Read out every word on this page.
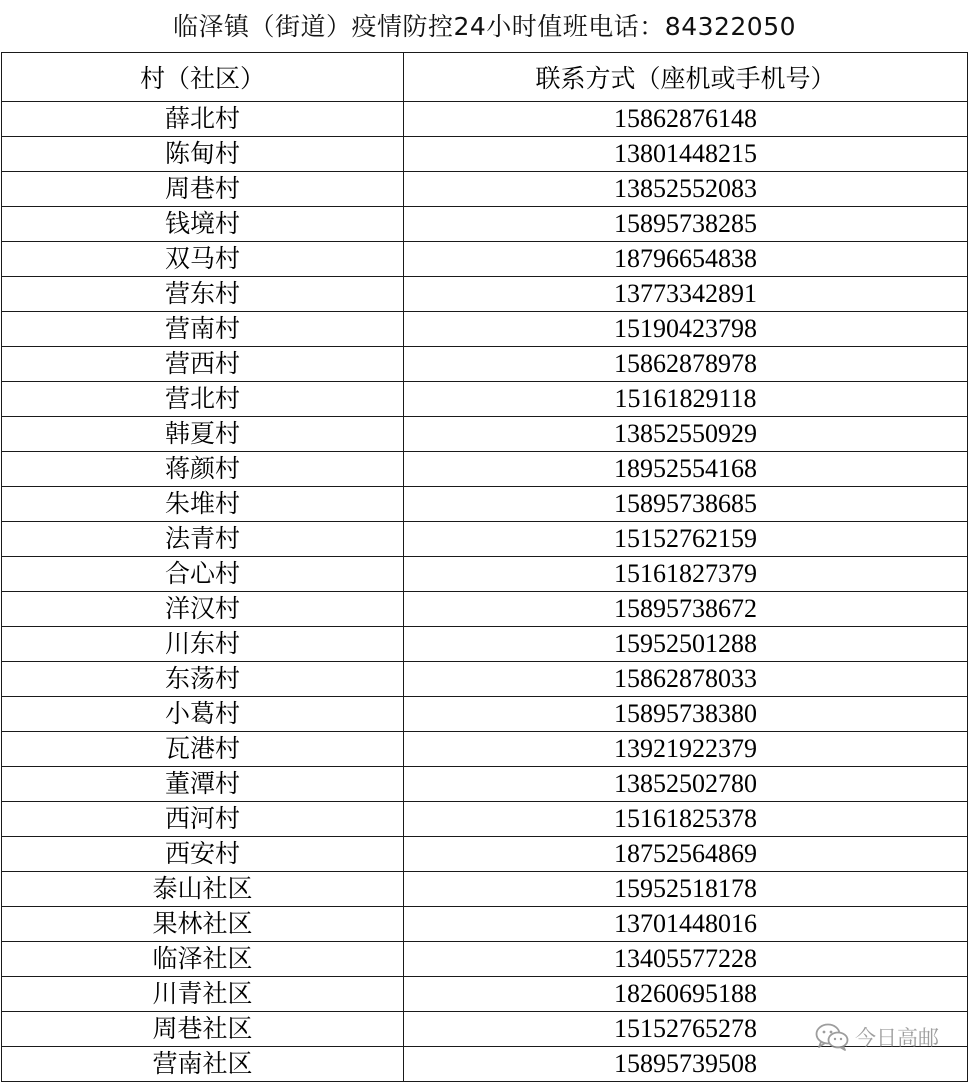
临泽镇（街道）疫情防控24小时值班电话：84322050
村（社区）	联系方式（座机或手机号）
薛北村	15862876148
陈甸村	13801448215
周巷村	13852552083
钱境村	15895738285
双马村	18796654838
营东村	13773342891
营南村	15190423798
营西村	15862878978
营北村	15161829118
韩夏村	13852550929
蒋颜村	18952554168
朱堆村	15895738685
法青村	15152762159
合心村	15161827379
洋汉村	15895738672
川东村	15952501288
东荡村	15862878033
小葛村	15895738380
瓦港村	13921922379
董潭村	13852502780
西河村	15161825378
西安村	18752564869
泰山社区	15952518178
果林社区	13701448016
临泽社区	13405577228
川青社区	18260695188
周巷社区	15152765278
营南社区	15895739508
今日高邮
